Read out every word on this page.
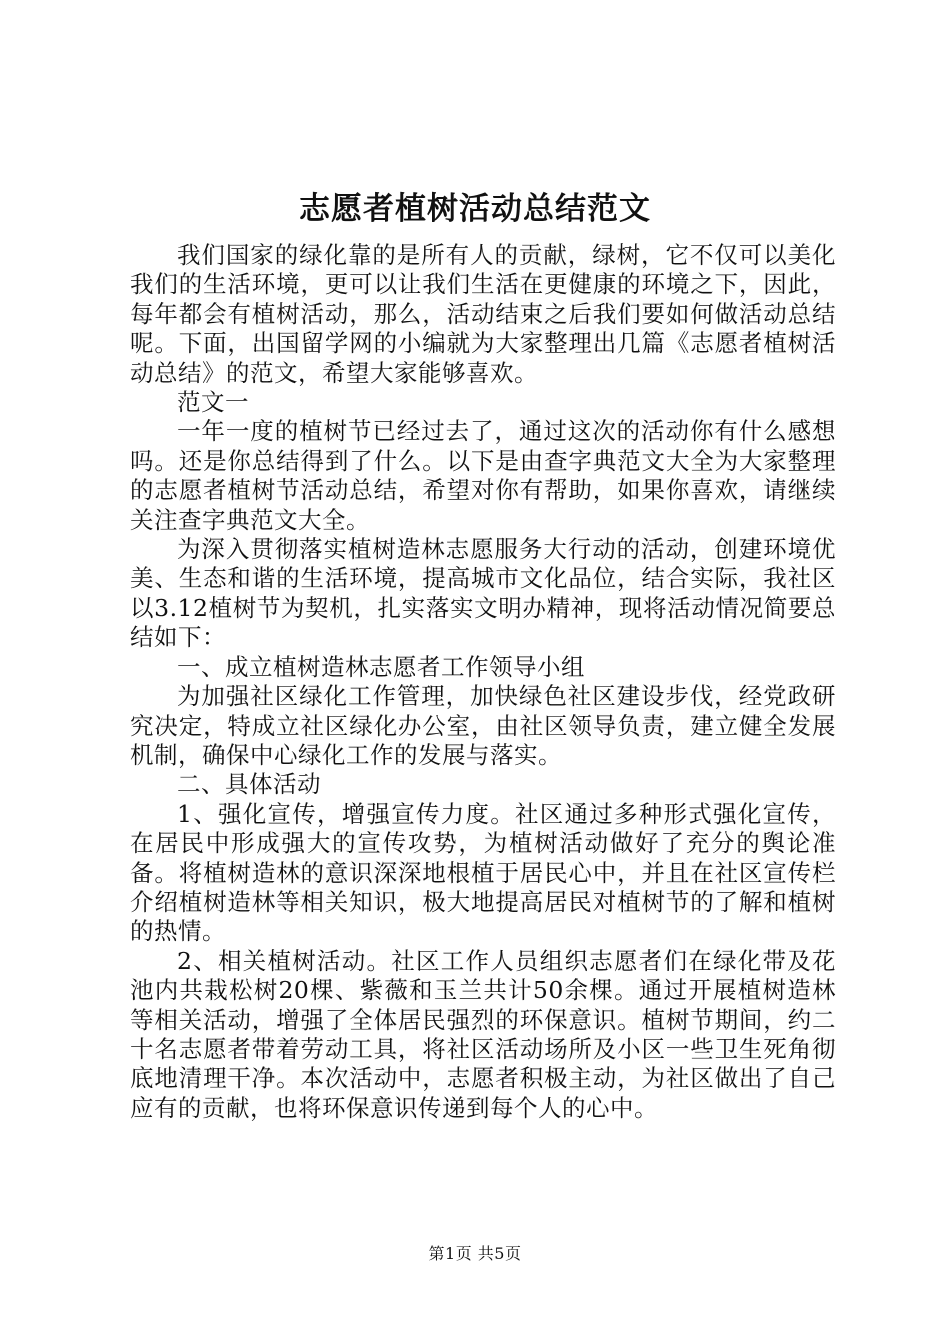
志愿者植树活动总结范文

我们国家的绿化靠的是所有人的贡献，绿树，它不仅可以美化我们的生活环境，更可以让我们生活在更健康的环境之下，因此，每年都会有植树活动，那么，活动结束之后我们要如何做活动总结呢。下面，出国留学网的小编就为大家整理出几篇《志愿者植树活动总结》的范文，希望大家能够喜欢。

范文一

一年一度的植树节已经过去了，通过这次的活动你有什么感想吗。还是你总结得到了什么。以下是由查字典范文大全为大家整理的志愿者植树节活动总结，希望对你有帮助，如果你喜欢，请继续关注查字典范文大全。

为深入贯彻落实植树造林志愿服务大行动的活动，创建环境优美、生态和谐的生活环境，提高城市文化品位，结合实际，我社区以3.12植树节为契机，扎实落实文明办精神，现将活动情况简要总结如下：

一、成立植树造林志愿者工作领导小组

为加强社区绿化工作管理，加快绿色社区建设步伐，经党政研究决定，特成立社区绿化办公室，由社区领导负责，建立健全发展机制，确保中心绿化工作的发展与落实。

二、具体活动

1、强化宣传，增强宣传力度。社区通过多种形式强化宣传，在居民中形成强大的宣传攻势，为植树活动做好了充分的舆论准备。将植树造林的意识深深地根植于居民心中，并且在社区宣传栏介绍植树造林等相关知识，极大地提高居民对植树节的了解和植树的热情。

2、相关植树活动。社区工作人员组织志愿者们在绿化带及花池内共栽松树20棵、紫薇和玉兰共计50余棵。通过开展植树造林等相关活动，增强了全体居民强烈的环保意识。植树节期间，约二十名志愿者带着劳动工具，将社区活动场所及小区一些卫生死角彻底地清理干净。本次活动中，志愿者积极主动，为社区做出了自己应有的贡献，也将环保意识传递到每个人的心中。

第1页 共5页
